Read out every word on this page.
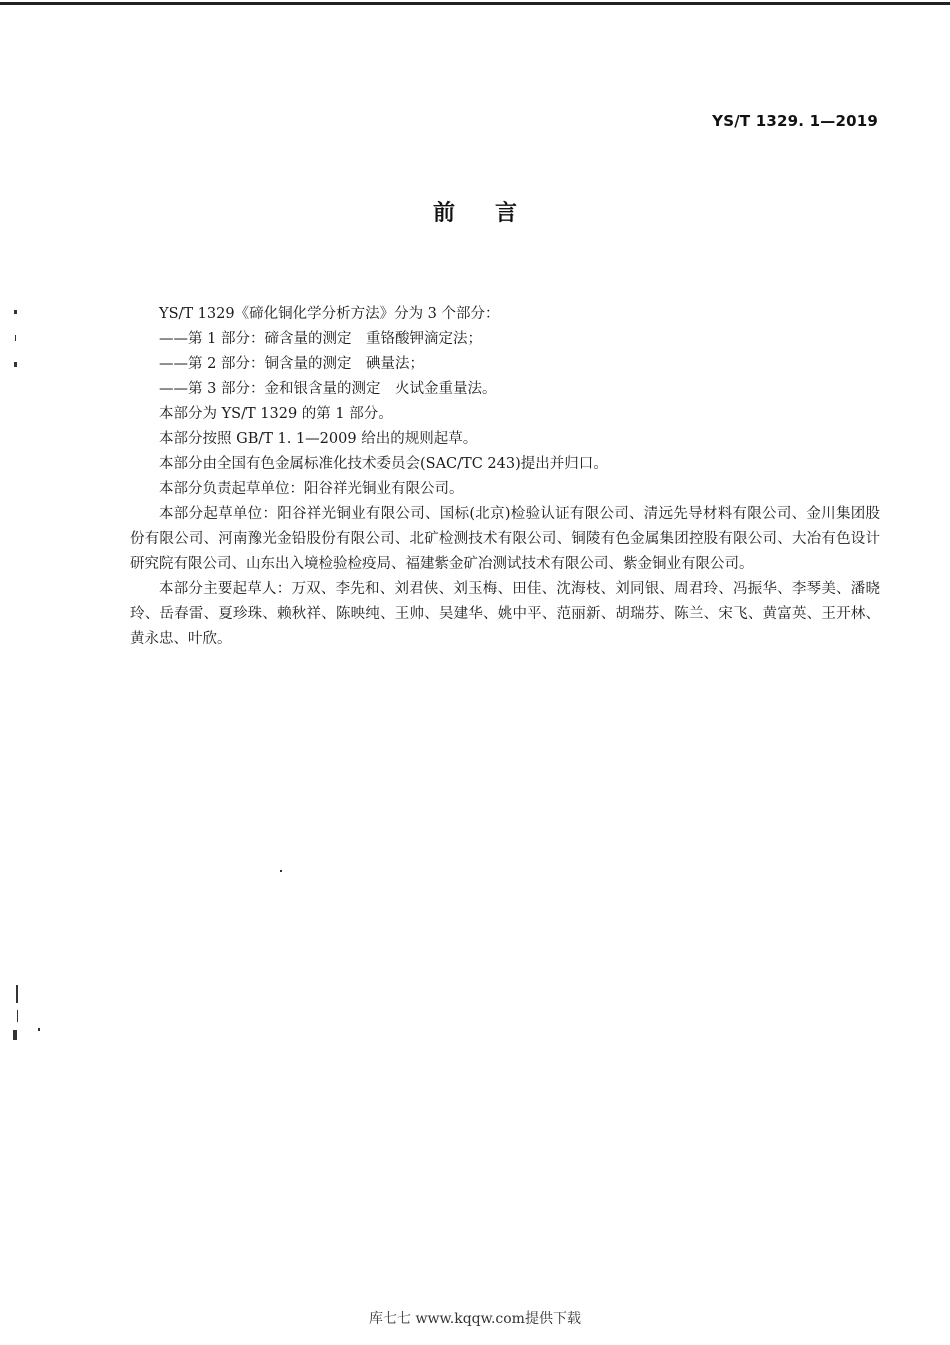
YS/T 1329. 1—2019
前言

YS/T 1329《碲化铜化学分析方法》分为 3 个部分：

——第 1 部分：碲含量的测定　重铬酸钾滴定法；

——第 2 部分：铜含量的测定　碘量法；

——第 3 部分：金和银含量的测定　火试金重量法。

本部分为 YS/T 1329 的第 1 部分。

本部分按照 GB/T 1. 1—2009 给出的规则起草。

本部分由全国有色金属标准化技术委员会(SAC/TC 243)提出并归口。

本部分负责起草单位：阳谷祥光铜业有限公司。

本部分起草单位：阳谷祥光铜业有限公司、国标(北京)检验认证有限公司、清远先导材料有限公司、金川集团股份有限公司、河南豫光金铅股份有限公司、北矿检测技术有限公司、铜陵有色金属集团控股有限公司、大冶有色设计研究院有限公司、山东出入境检验检疫局、福建紫金矿冶测试技术有限公司、紫金铜业有限公司。

本部分主要起草人：万双、李先和、刘君侠、刘玉梅、田佳、沈海枝、刘同银、周君玲、冯振华、李琴美、潘晓玲、岳春雷、夏珍珠、赖秋祥、陈映纯、王帅、吴建华、姚中平、范丽新、胡瑞芬、陈兰、宋飞、黄富英、王开林、黄永忠、叶欣。

库七七 www.kqqw.com提供下载
